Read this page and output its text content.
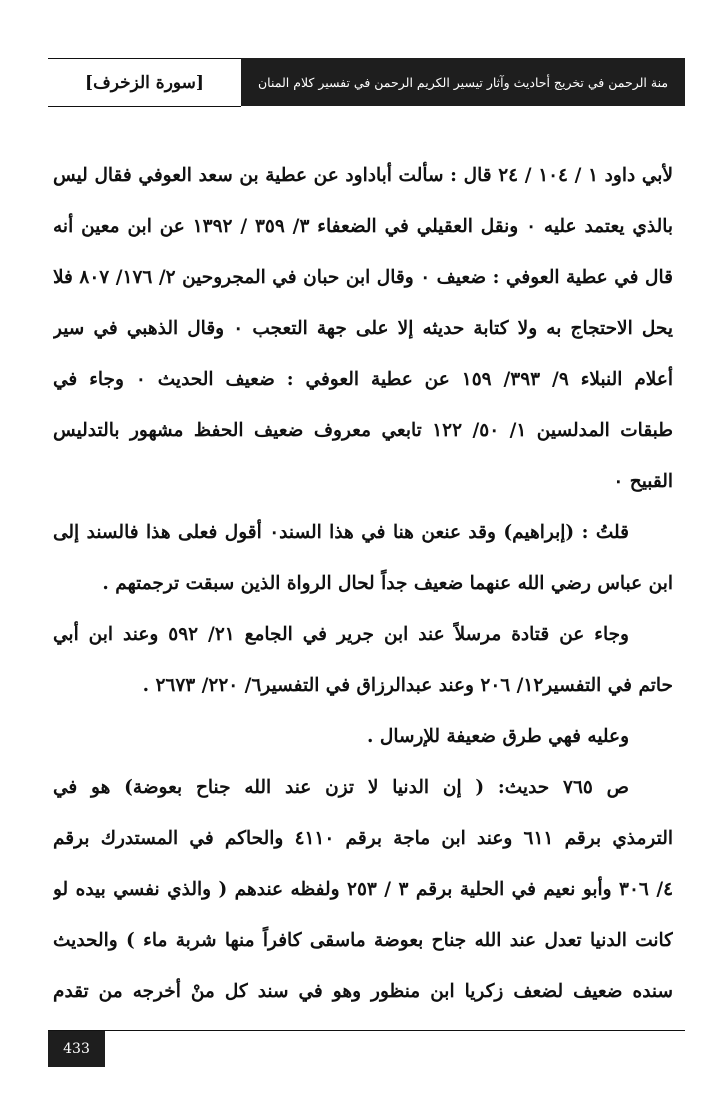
منة الرحمن في تخريج أحاديث وآثار تيسير الكريم الرحمن في تفسير كلام المنان
[سورة الزخرف]
لأبي داود ١ / ١٠٤ / ٢٤ قال : سألت أباداود عن عطية بن سعد العوفي فقال ليس
بالذي يعتمد عليه ٠ ونقل العقيلي في الضعفاء ٣/ ٣٥٩ / ١٣٩٢ عن ابن معين أنه
قال في عطية العوفي : ضعيف ٠ وقال ابن حبان في المجروحين ٢/ ١٧٦/ ٨٠٧ فلا
يحل الاحتجاج به ولا كتابة حديثه إلا على جهة التعجب ٠ وقال الذهبي في سير
أعلام النبلاء ٩/ ٣٩٣/ ١٥٩ عن عطية العوفي : ضعيف الحديث ٠ وجاء في
طبقات المدلسين ١/ ٥٠/ ١٢٢ تابعي معروف ضعيف الحفظ مشهور بالتدليس
القبيح ٠
قلتُ : (إبراهيم) وقد عنعن هنا في هذا السند٠ أقول فعلى هذا فالسند إلى
ابن عباس رضي الله عنهما ضعيف جداً لحال الرواة الذين سبقت ترجمتهم .
وجاء عن قتادة مرسلاً عند ابن جرير في الجامع ٢١/ ٥٩٢ وعند ابن أبي
حاتم في التفسير١٢/ ٢٠٦ وعند عبدالرزاق في التفسير٦/ ٢٢٠/ ٢٦٧٣ .
وعليه فهي طرق ضعيفة للإرسال .
ص ٧٦٥ حديث: ( إن الدنيا لا تزن عند الله جناح بعوضة) هو في
الترمذي برقم ٦١١ وعند ابن ماجة برقم ٤١١٠ والحاكم في المستدرك برقم
٤/ ٣٠٦ وأبو نعيم في الحلية برقم ٣ / ٢٥٣ ولفظه عندهم ( والذي نفسي بيده لو
كانت الدنيا تعدل عند الله جناح بعوضة ماسقى كافراً منها شربة ماء ) والحديث
سنده ضعيف لضعف زكريا ابن منظور وهو في سند كل منْ أخرجه من تقدم
433
